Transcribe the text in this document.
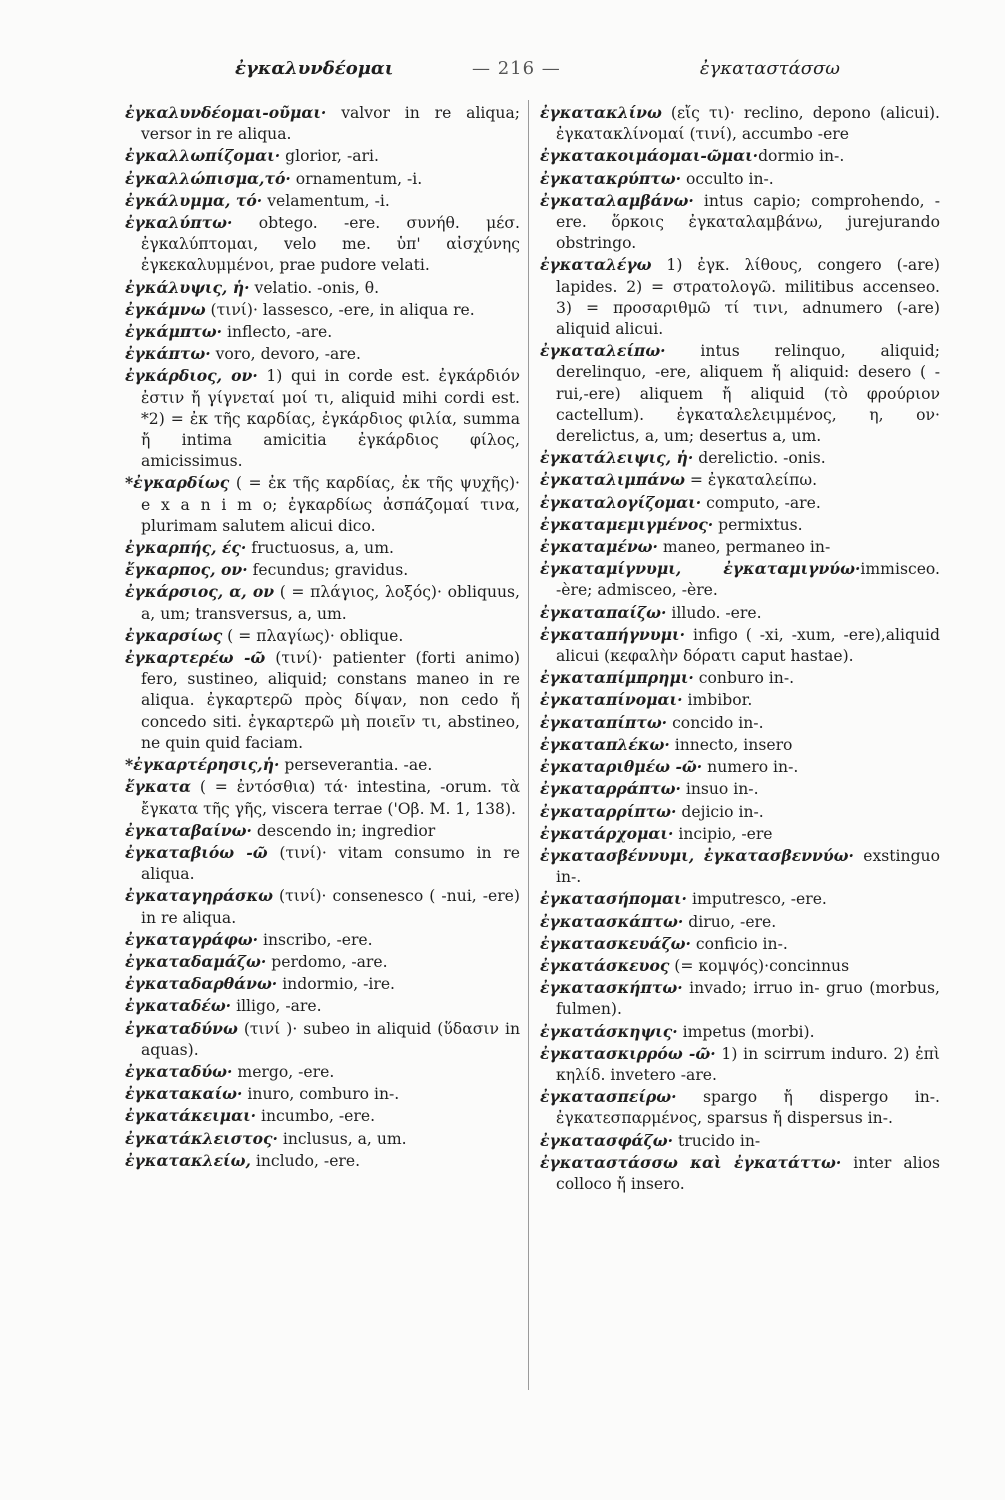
ἐγκαλυνδέομαι	— 216 —	ἐγκαταστάσσω

ἐγκαλυνδέομαι-οῦμαι· valvor in re aliqua; versor in re aliqua.

ἐγκαλλωπίζομαι· glorior, -ari.

ἐγκαλλώπισμα,τό· ornamentum, -i.

ἐγκάλυμμα, τό· velamentum, -i.

ἐγκαλύπτω· obtego. -ere. συνήθ. μέσ. ἐγκαλύπτομαι, velo me. ὑπ' αἰσχύνης ἐγκεκαλυμμένοι, prae pudore velati.

ἐγκάλυψις, ἡ· velatio. -onis, θ.

ἐγκάμνω (τινί)· lassesco, -ere, in aliqua re.

ἐγκάμπτω· inflecto, -are.

ἐγκάπτω· voro, devoro, -are.

ἐγκάρδιος, ον· 1) qui in corde est. ἐγκάρδιόν ἐστιν ἤ γίγνεταί μοί τι, aliquid mihi cordi est. *2) = ἐκ τῆς καρδίας, ἐγκάρδιος φιλία, summa ἤ intima amicitia ἐγκάρδιος φίλος, amicissimus.

*ἐγκαρδίως ( = ἐκ τῆς καρδίας, ἐκ τῆς ψυχῆς)· e x a n i m o; ἐγκαρδίως ἀσπάζομαί τινα, plurimam salutem alicui dico.

ἐγκαρπής, ές· fructuosus, a, um.

ἔγκαρπος, ον· fecundus; gravidus.

ἐγκάρσιος, α, ον ( = πλάγιος, λοξός)· obliquus, a, um; transversus, a, um.

ἐγκαρσίως ( = πλαγίως)· oblique.

ἐγκαρτερέω -ῶ (τινί)· patienter (forti animo) fero, sustineo, aliquid; constans maneo in re aliqua. ἐγκαρτερῶ πρὸς δίψαν, non cedo ἤ concedo siti. ἐγκαρτερῶ μὴ ποιεῖν τι, abstineo, ne quin quid faciam.

*ἐγκαρτέρησις,ἡ· perseverantia. -ae.

ἔγκατα ( = ἐντόσθια) τά· intestina, -orum. τὰ ἔγκατα τῆς γῆς, viscera terrae ('Oβ. M. 1, 138).

ἐγκαταβαίνω· descendo in; ingredior

ἐγκαταβιόω -ῶ (τινί)· vitam consumo in re aliqua.

ἐγκαταγηράσκω (τινί)· consenesco ( -nui, -ere) in re aliqua.

ἐγκαταγράφω· inscribo, -ere.

ἐγκαταδαμάζω· perdomo, -are.

ἐγκαταδαρθάνω· indormio, -ire.

ἐγκαταδέω· illigo, -are.

ἐγκαταδύνω (τινί )· subeo in aliquid (ὕδασιν in aquas).

ἐγκαταδύω· mergo, -ere.

ἐγκατακαίω· inuro, comburo in-.

ἐγκατάκειμαι· incumbo, -ere.

ἐγκατάκλειστος· inclusus, a, um.

ἐγκατακλείω, includo, -ere.

ἐγκατακλίνω (εἴς τι)· reclino, depono (alicui). ἐγκατακλίνομαί (τινί), accumbo -ere

ἐγκατακοιμάομαι-ῶμαι·dormio in-.

ἐγκατακρύπτω· occulto in-.

ἐγκαταλαμβάνω· intus capio; comprohendo, -ere. ὅρκοις ἐγκαταλαμβάνω, jurejurando obstringo.

ἐγκαταλέγω 1) ἐγκ. λίθους, congero (-are) lapides. 2) = στρατολογῶ. militibus accenseo. 3) = προσαριθμῶ τί τινι, adnumero (-are) aliquid alicui.

ἐγκαταλείπω· intus relinquo, aliquid; derelinquo, -ere, aliquem ἤ aliquid: desero ( -rui,-ere) aliquem ἤ aliquid (τὸ φρούριον cactellum). ἐγκαταλελειμμένος, η, ον· derelictus, a, um; desertus a, um.

ἐγκατάλειψις, ἡ· derelictio. -onis.

ἐγκαταλιμπάνω = ἐγκαταλείπω.

ἐγκαταλογίζομαι· computo, -are.

ἐγκαταμεμιγμένος· permixtus.

ἐγκαταμένω· maneo, permaneo in-

ἐγκαταμίγνυμι, ἐγκαταμιγνύω·immisceo. -ère; admisceo, -ère.

ἐγκαταπαίζω· illudo. -ere.

ἐγκαταπήγνυμι· infigo ( -xi, -xum, -ere),aliquid alicui (κεφαλὴν δόρατι caput hastae).

ἐγκαταπίμπρημι· conburo in-.

ἐγκαταπίνομαι· imbibor.

ἐγκαταπίπτω· concido in-.

ἐγκαταπλέκω· innecto, insero

ἐγκαταριθμέω -ῶ· numero in-.

ἐγκαταρράπτω· insuo in-.

ἐγκαταρρίπτω· dejicio in-.

ἐγκατάρχομαι· incipio, -ere

ἐγκατασβέννυμι, ἐγκατασβεννύω· exstinguo in-.

ἐγκατασήπομαι· imputresco, -ere.

ἐγκατασκάπτω· diruo, -ere.

ἐγκατασκευάζω· conficio in-.

ἐγκατάσκευος (= κομψός)·concinnus

ἐγκατασκήπτω· invado; irruo in- gruo (morbus, fulmen).

ἐγκατάσκηψις· impetus (morbi).

ἐγκατασκιρρόω -ῶ· 1) in scirrum induro. 2) ἐπὶ κηλίδ. invetero -are.

ἐγκατασπείρω· spargo ἤ dispergo in-. ἐγκατεσπαρμένος, sparsus ἤ dispersus in-.

ἐγκατασφάζω· trucido in-

ἐγκαταστάσσω καὶ ἐγκατάττω· inter alios colloco ἤ insero.
